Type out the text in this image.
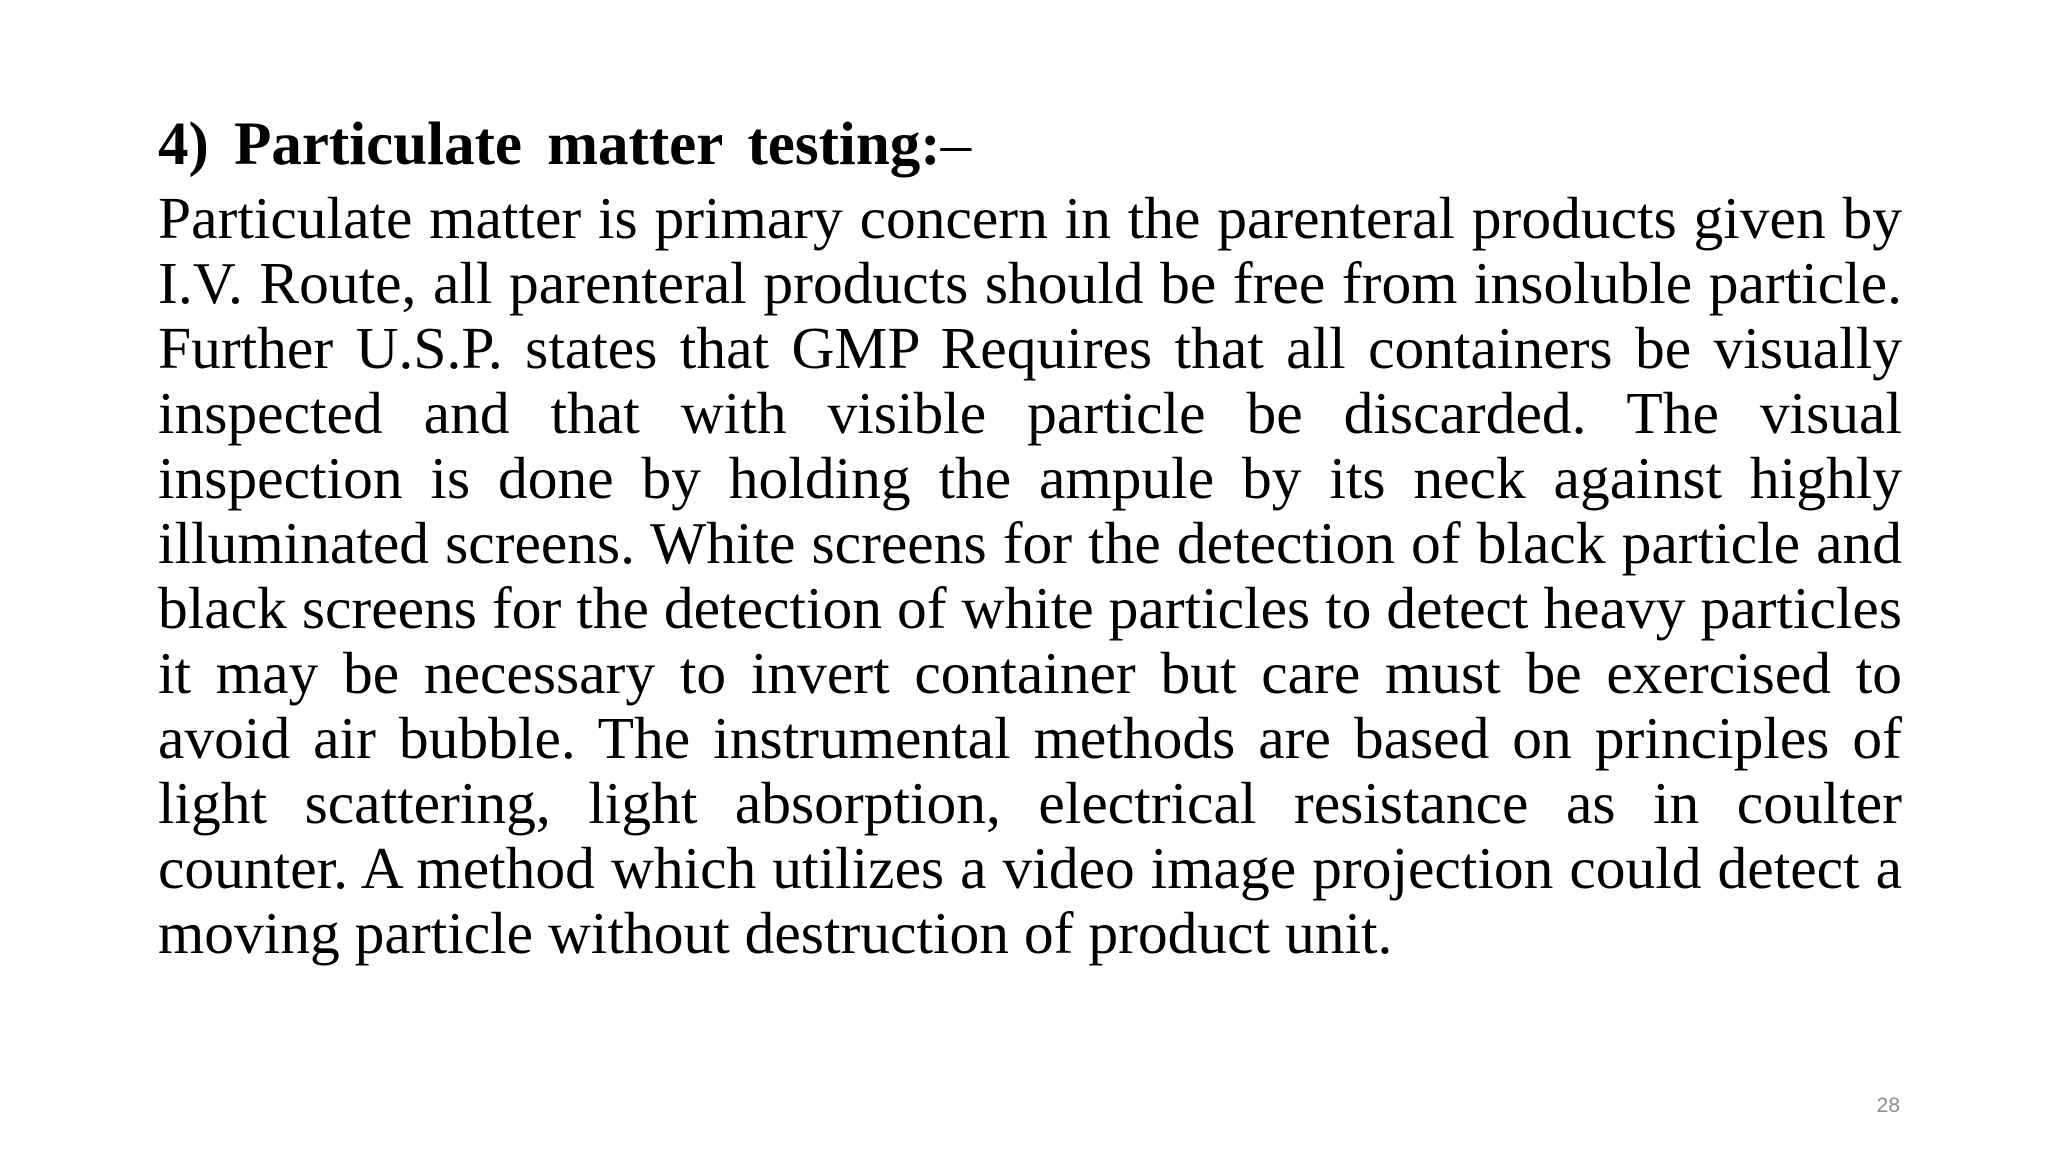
4) Particulate matter testing:–

Particulate matter is primary concern in the parenteral products given by I.V. Route, all parenteral products should be free from insoluble particle. Further U.S.P. states that GMP Requires that all containers be visually inspected and that with visible particle be discarded. The visual inspection is done by holding the ampule by its neck against highly illuminated screens. White screens for the detection of black particle and black screens for the detection of white particles to detect heavy particles it may be necessary to invert container but care must be exercised to avoid air bubble. The instrumental methods are based on principles of light scattering, light absorption, electrical resistance as in coulter counter. A method which utilizes a video image projection could detect a moving particle without destruction of product unit.

28
